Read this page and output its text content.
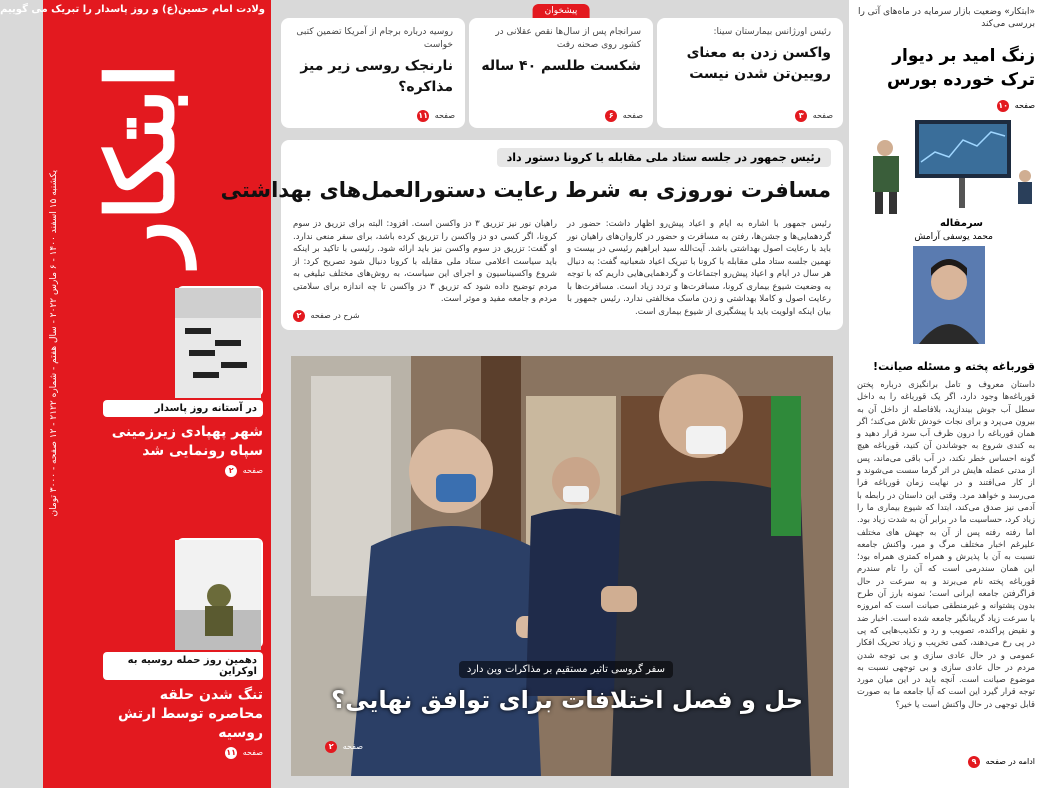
ولادت امام حسین(ع) و روز پاسدار را تبریک می گوییم
ابتکار
یکشنبه ۱۵ اسفند ۱۴۰۰ - ۶ مارس ۲۰۲۲ - سال هفتم - شماره ۲۱۲۲ - ۱۲ صفحه - ۳۰۰۰ تومان
در آستانه روز پاسدار
شهر پهپادی زیرزمینی سپاه رونمایی شد
صفحه ۲
دهمین روز حمله روسیه به اوکراین
تنگ شدن حلقه محاصره توسط ارتش روسیه
صفحه ۱۱
روسیه درباره برجام از آمریکا تضمین کتبی خواست
نارنجک روسی زیر میز مذاکره؟
صفحه ۱۱
پیشخوان
سرانجام پس از سال‌ها نقص عقلانی در کشور روی صحنه رفت
شکست طلسم ۴۰ ساله
صفحه ۶
رئیس اورژانس بیمارستان سینا:
واکسن زدن به معنای رویین‌تن شدن نیست
صفحه ۳
رئیس جمهور در جلسه ستاد ملی مقابله با کرونا دستور داد
مسافرت نوروزی به شرط رعایت دستورالعمل‌های بهداشتی
رئیس جمهور با اشاره به ایام و اعیاد پیش‌رو اظهار داشت: حضور در گردهمایی‌ها و جشن‌ها، رفتن به مسافرت و حضور در کاروان‌های راهیان نور باید با رعایت اصول بهداشتی باشد. آیت‌الله سید ابراهیم رئیسی در بیست و نهمین جلسه ستاد ملی مقابله با کرونا با تبریک اعیاد شعبانیه گفت: به دنبال هر سال در ایام و اعیاد پیش‌رو اجتماعات و گردهمایی‌هایی داریم که با توجه به وضعیت شیوع بیماری کرونا، مسافرت‌ها و تردد زیاد است. مسافرت‌ها با رعایت اصول و کاملا بهداشتی و زدن ماسک مخالفتی ندارد. رئیس جمهور با بیان اینکه اولویت باید با پیشگیری از شیوع بیماری است.
راهیان نور نیز تزریق ۳ دز واکسن است. افزود: البته برای تزریق دز سوم کرونا، اگر کسی دو دز واکسن را تزریق کرده باشد، برای سفر منعی ندارد. او گفت: تزریق دز سوم واکسن نیز باید ارائه شود. رئیسی با تاکید بر اینکه باید سیاست اعلامی ستاد ملی مقابله با کرونا دنبال شود تصریح کرد: از شروع واکسیناسیون و اجرای این سیاست، به روش‌های مختلف تبلیغی به مردم توضیح داده شود که تزریق ۳ دز واکسن تا چه اندازه برای سلامتی مردم و جامعه مفید و موثر است.
شرح در صفحه ۲
سفر گروسی تاثیر مستقیم بر مذاکرات وین دارد
حل و فصل اختلافات برای توافق نهایی؟
صفحه ۲
«ابتکار» وضعیت بازار سرمایه در ماه‌های آتی را بررسی می‌کند
زنگ امید بر دیوار ترک خورده بورس
صفحه ۱۰
سرمقاله
محمد یوسفی آرامش
قورباغه پخته و مسئله صیانت!
داستان معروف و تامل برانگیزی درباره پختن قورباغه‌ها وجود دارد، اگر یک قورباغه را به داخل سطل آب جوش بیندازید، بلافاصله از داخل آن به بیرون می‌پرد و برای نجات خودش تلاش می‌کند؛ اگر همان قورباغه را درون ظرف آب سرد قرار دهید و به کندی شروع به جوشاندن آن کنید، قورباغه هیچ گونه احساس خطر نکند، در آب باقی می‌ماند، پس از مدتی عضله هایش در اثر گرما سست می‌شوند و از کار می‌افتند و در نهایت زمان قورباغه فرا می‌رسد و خواهد مرد. وقتی این داستان در رابطه با آدمی نیز صدق می‌کند، ابتدا که شیوع بیماری ما را زیاد کرد، حساسیت ما در برابر آن به شدت زیاد بود. اما رفته رفته پس از آن به جهش های مختلف علیرغم اخبار مختلف مرگ و میر، واکنش جامعه نسبت به آن با پذیرش و همراه کمتری همراه بود؛ این همان سندرمی است که آن را تام سندرم قورباغه پخته نام می‌برند و به سرعت در حال فراگرفتن جامعه ایرانی است؛ نمونه بارز آن طرح بدون پشتوانه و غیرمنطقی صیانت است که امروزه با سرعت زیاد گریبانگیر جامعه شده است. اخبار ضد و نقیض پراکنده، تصویب و رد و تکذیب‌هایی که پی در پی رخ می‌دهند، کمی تخریب و زیاد تحریک افکار عمومی و در حال عادی سازی و بی توجه شدن مردم در حال عادی سازی و بی توجهی نسبت به موضوع صیانت است. آنچه باید در این میان مورد توجه قرار گیرد این است که آیا جامعه ما به صورت قابل توجهی در حال واکنش است یا خیر؟
ادامه در صفحه ۹
